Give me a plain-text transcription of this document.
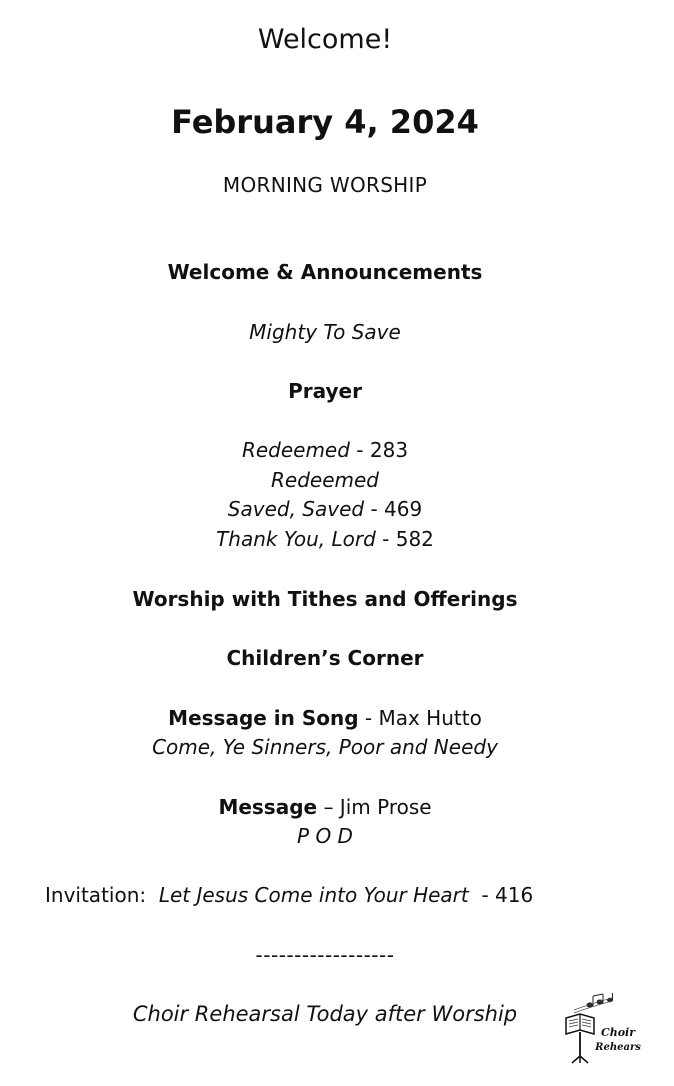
Welcome!
February 4, 2024
MORNING WORSHIP
Welcome & Announcements
Mighty To Save
Prayer
Redeemed - 283
Redeemed
Saved, Saved - 469
Thank You, Lord - 582
Worship with Tithes and Offerings
Children’s Corner
Message in Song - Max Hutto
Come, Ye Sinners, Poor and Needy
Message – Jim Prose
P O D
Invitation:  Let Jesus Come into Your Heart  - 416
------------------
Choir Rehearsal Today after Worship
Choir
Rehears
